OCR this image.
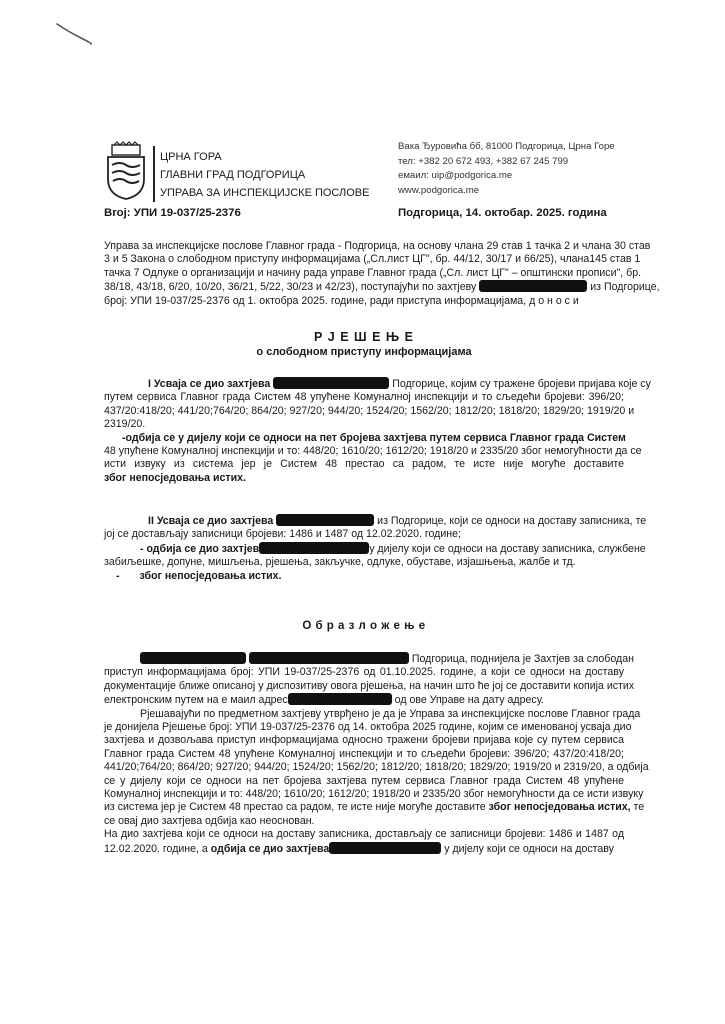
ЦРНА ГОРА
ГЛАВНИ ГРАД ПОДГОРИЦА
УПРАВА ЗА ИНСПЕКЦИЈСКЕ ПОСЛОВЕ
Вака Ђуровића бб, 81000 Подгорица, Црна Горе
тел: +382 20 672 493, +382 67 245 799
емаил: uip@podgorica.me
www.podgorica.me
Broj: УПИ 19-037/25-2376	Подгорица, 14. октобар. 2025. година
Управа за инспекцијске послове Главног града - Подгорица, на основу члана 29 став 1 тачка 2 и члана 30 став
3 и 5 Закона о слободном приступу информацијама („Сл.лист ЦГ", бр. 44/12, 30/17 и 66/25), члана145 став 1
тачка 7 Одлуке о организацији и начину рада управе Главног града („Сл. лист ЦГ" – општински прописи", бр.
38/18, 43/18, 6/20, 10/20, 36/21, 5/22, 30/23 и 42/23), поступајући по захтјеву	из Подгорице,
број: УПИ 19-037/25-2376 од 1. октобра 2025. године, ради приступа информацијама, д о н о с и
Р Ј Е Ш Е Њ Е
о слободном приступу информацијама
I Усваја се дио захтјева	Подгорице, којим су тражене бројеви пријава које су
путем сервиса Главног града Систем 48 упућене Комуналној инспекцији и то сљедећи бројеви: 396/20;
437/20:418/20; 441/20;764/20; 864/20; 927/20; 944/20; 1524/20; 1562/20; 1812/20; 1818/20; 1829/20; 1919/20 и
2319/20.
-одбија се у дијелу који се односи на пет бројева захтјева путем сервиса Главног града Систем
48 упућене Комуналној инспекцији и то: 448/20; 1610/20; 1612/20; 1918/20 и 2335/20 због немогућности да се
исти извуку из система јер је Систем 48 престао са радом, те исте није могуће доставите
због непосједовања истих.
II Усваја се дио захтјева	из Подгорице, који се односи на доставу записника, те
јој се достављају записници бројеви: 1486 и 1487 од 12.02.2020. године;
- одбија се дио захтјев	у дијелу који се односи на доставу записника, службене
забиљешке, допуне, мишљења, рјешења, закључке, одлуке, обуставе, изјашњења, жалбе и тд.
- због непосједовања истих.
О б р а з л о ж е њ е
Подгорица, поднијела је Захтјев за слободан
приступ информацијама број: УПИ 19-037/25-2376 од 01.10.2025. године, а који се односи на доставу
документације ближе описаној у диспозитиву овога рјешења, на начин што ће јој се доставити копија истих
електронским путем на е маил адрес	од ове Управе на дату адресу.
Рјешавајући по предметном захтјеву утврђено је да је Управа за инспекцијске послове Главног града
је донијела Рјешење број: УПИ 19-037/25-2376 од 14. октобра 2025 године, којим се именованој усваја дио
захтјева и дозвољава приступ информацијама односно тражени бројеви пријава које су путем сервиса
Главног града Систем 48 упућене Комуналној инспекцији и то сљедећи бројеви: 396/20; 437/20:418/20;
441/20;764/20; 864/20; 927/20; 944/20; 1524/20; 1562/20; 1812/20; 1818/20; 1829/20; 1919/20 и 2319/20, а одбија
се у дијелу који се односи на пет бројева захтјева путем сервиса Главног града Систем 48 упућене
Комуналној инспекцији и то: 448/20; 1610/20; 1612/20; 1918/20 и 2335/20 због немогућности да се исти извуку
из система јер је Систем 48 престао са радом, те исте није могуће доставите због непосједовања истих, те
се овај дио захтјева одбија као неоснован.
На дио захтјева који се односи на доставу записника, достављају се записници бројеви: 1486 и 1487 од
12.02.2020. године, а одбија се дио захтјева	у дијелу који се односи на доставу
